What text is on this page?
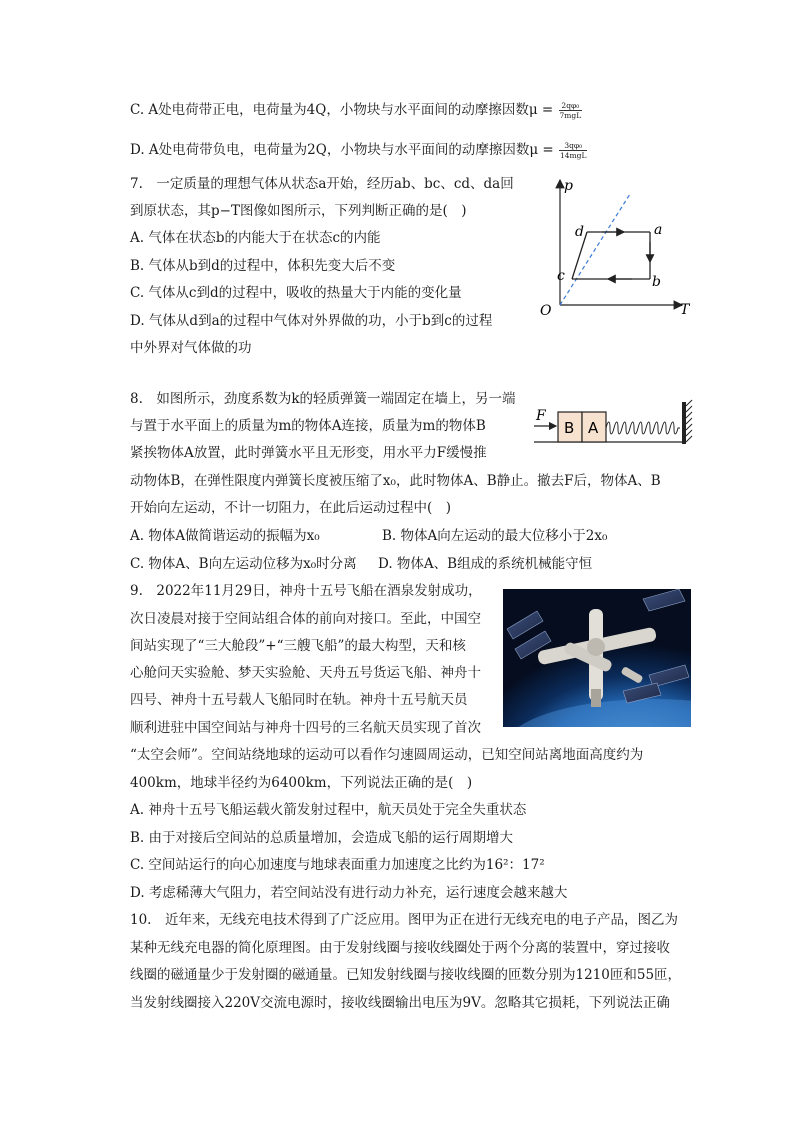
C. A处电荷带正电，电荷量为4Q，小物块与水平面间的动摩擦因数$\mu = \frac{\text{2qφ₀}}{\text{7mgL}}$
D. A处电荷带负电，电荷量为2Q，小物块与水平面间的动摩擦因数$\mu = \frac{\text{3qφ₀}}{\text{14mgL}}$
7.　一定质量的理想气体从状态a开始，经历ab、bc、cd、da回
到原状态，其p−T图像如图所示，下列判断正确的是(　)
A. 气体在状态b的内能大于在状态c的内能
B. 气体从b到d的过程中，体积先变大后不变
C. 气体从c到d的过程中，吸收的热量大于内能的变化量
D. 气体从d到a的过程中气体对外界做的功，小于b到c的过程
中外界对气体做的功
p
T
O
a
b
c
d
8.　如图所示，劲度系数为k的轻质弹簧一端固定在墙上，另一端
与置于水平面上的质量为m的物体A连接，质量为m的物体B
紧挨物体A放置，此时弹簧水平且无形变，用水平力F缓慢推
动物体B，在弹性限度内弹簧长度被压缩了x₀，此时物体A、B静止。撤去F后，物体A、B
开始向左运动，不计一切阻力，在此后运动过程中(　)
A. 物体A做简谐运动的振幅为x₀	B. 物体A向左运动的最大位移小于2x₀
C. 物体A、B向左运动位移为x₀时分离 D. 物体A、B组成的系统机械能守恒
F
B A
9.　2022年11月29日，神舟十五号飞船在酒泉发射成功，
次日凌晨对接于空间站组合体的前向对接口。至此，中国空
间站实现了“三大舱段”+“三艘飞船”的最大构型，天和核
心舱问天实验舱、梦天实验舱、天舟五号货运飞船、神舟十
四号、神舟十五号载人飞船同时在轨。神舟十五号航天员
顺利进驻中国空间站与神舟十四号的三名航天员实现了首次
“太空会师”。空间站绕地球的运动可以看作匀速圆周运动，已知空间站离地面高度约为
400km，地球半径约为6400km，下列说法正确的是(　)
A. 神舟十五号飞船运载火箭发射过程中，航天员处于完全失重状态
B. 由于对接后空间站的总质量增加，会造成飞船的运行周期增大
C. 空间站运行的向心加速度与地球表面重力加速度之比约为16²：17²
D. 考虑稀薄大气阻力，若空间站没有进行动力补充，运行速度会越来越大
10.　近年来，无线充电技术得到了广泛应用。图甲为正在进行无线充电的电子产品，图乙为
某种无线充电器的简化原理图。由于发射线圈与接收线圈处于两个分离的装置中，穿过接收
线圈的磁通量少于发射圈的磁通量。已知发射线圈与接收线圈的匝数分别为1210匝和55匝，
当发射线圈接入220V交流电源时，接收线圈输出电压为9V。忽略其它损耗，下列说法正确
